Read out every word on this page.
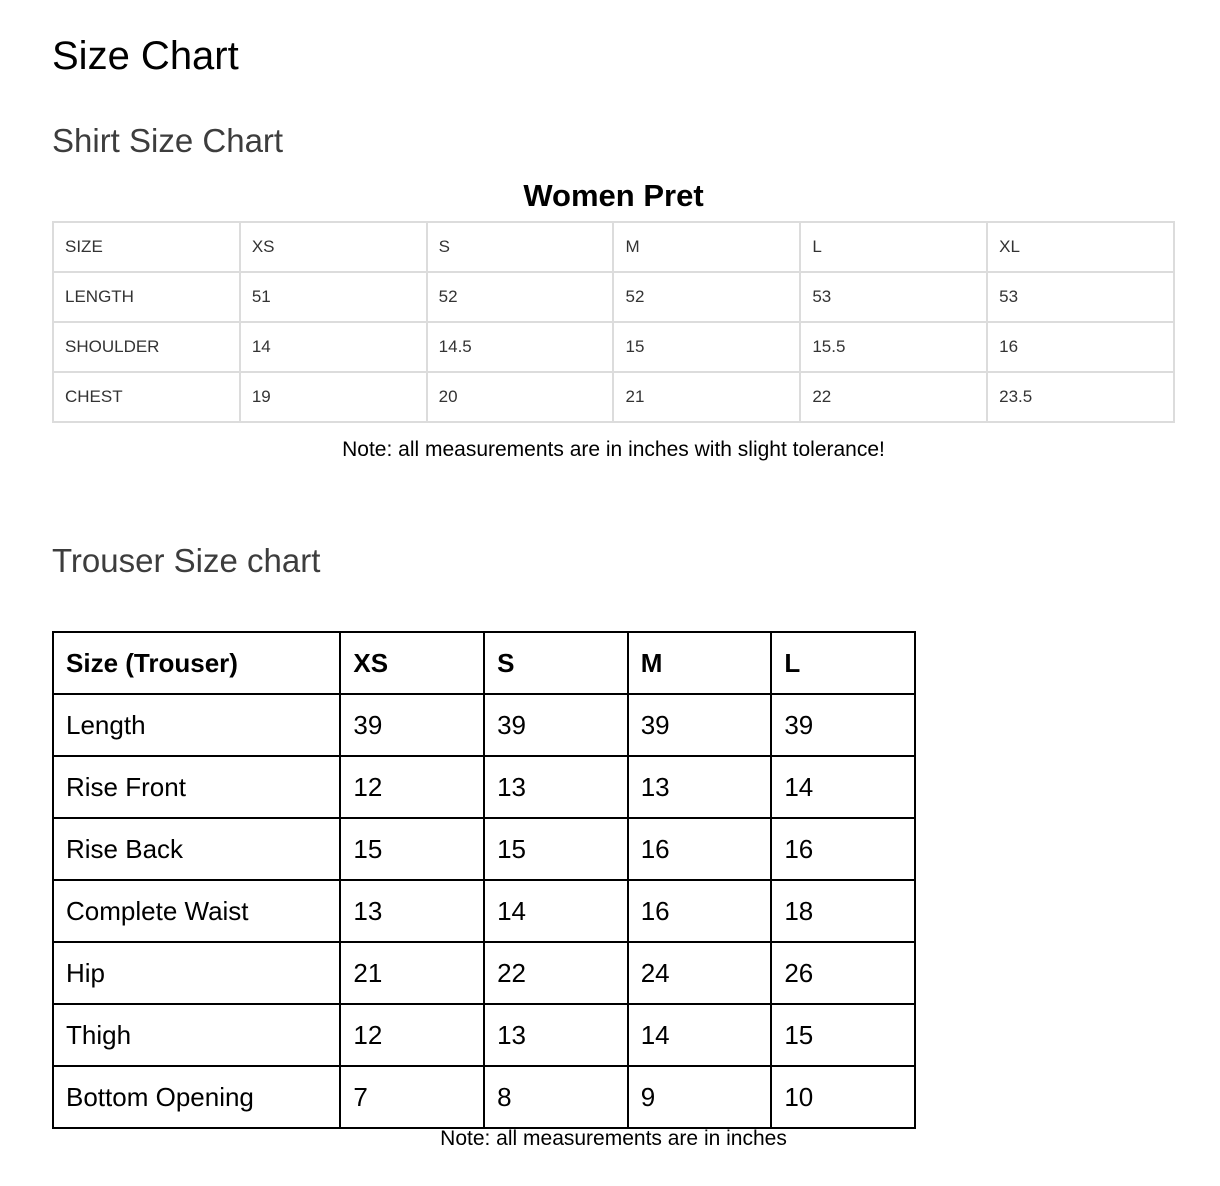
Size Chart
Shirt Size Chart

Women Pret

SIZE	XS	S	M	L	XL
LENGTH	51	52	52	53	53
SHOULDER	14	14.5	15	15.5	16
CHEST	19	20	21	22	23.5

Note: all measurements are in inches with slight tolerance!

Trouser Size chart
Size (Trouser)	XS	S	M	L
Length	39	39	39	39
Rise Front	12	13	13	14
Rise Back	15	15	16	16
Complete Waist	13	14	16	18
Hip	21	22	24	26
Thigh	12	13	14	15
Bottom Opening	7	8	9	10

Note: all measurements are in inches
